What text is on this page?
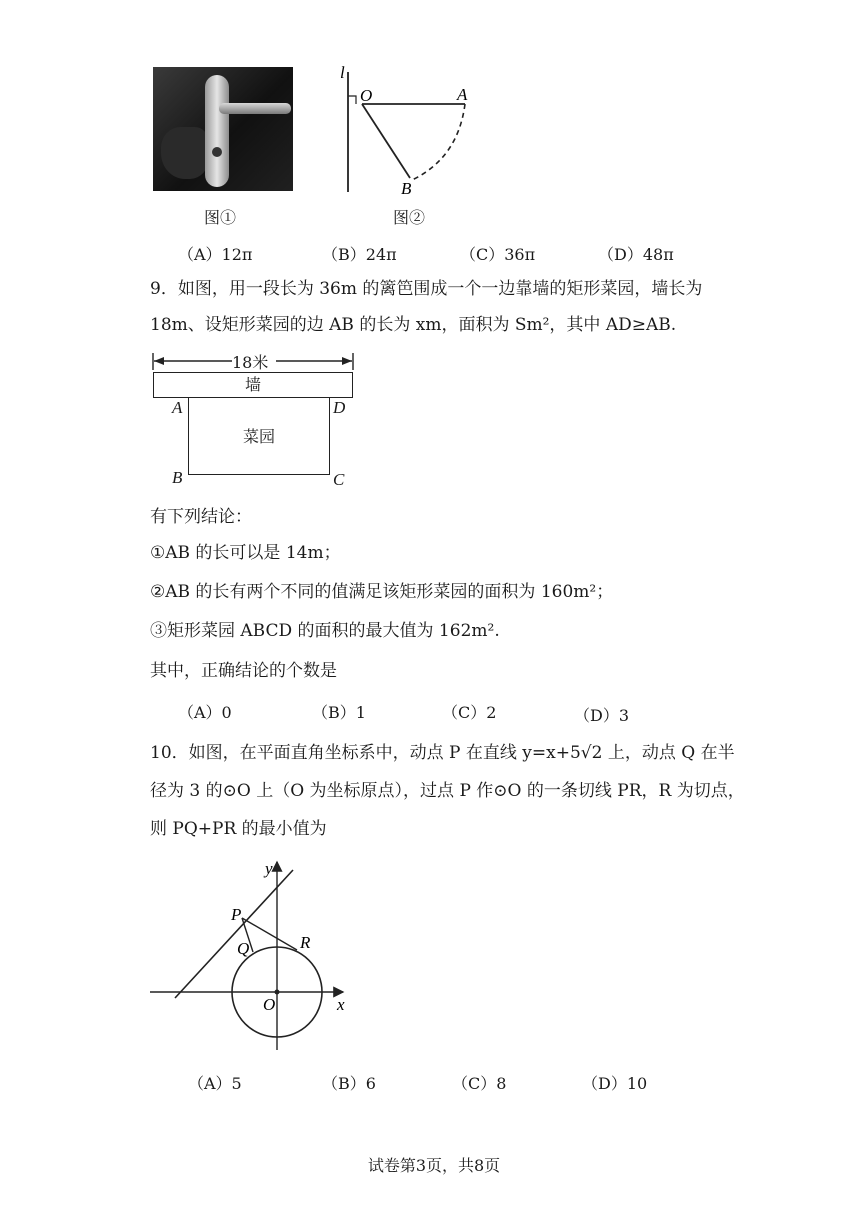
图①
l
O	A
B
图②
（A）12π	（B）24π	（C）36π	（D）48π
9．如图，用一段长为 36m 的篱笆围成一个一边靠墙的矩形菜园，墙长为
18m、设矩形菜园的边 AB 的长为 xm，面积为 Sm²，其中 AD≥AB.
18米
墙
菜园
A	D
B	C
有下列结论：
①AB 的长可以是 14m；
②AB 的长有两个不同的值满足该矩形菜园的面积为 160m²；
③矩形菜园 ABCD 的面积的最大值为 162m².
其中，正确结论的个数是
（A）0	（B）1	（C）2	（D）3
10．如图，在平面直角坐标系中，动点 P 在直线 y=x+5√2 上，动点 Q 在半
径为 3 的⊙O 上（O 为坐标原点），过点 P 作⊙O 的一条切线 PR，R 为切点，
则 PQ+PR 的最小值为
y
x
O
P
Q	R
（A）5	（B）6	（C）8	（D）10
试卷第3页，共8页
